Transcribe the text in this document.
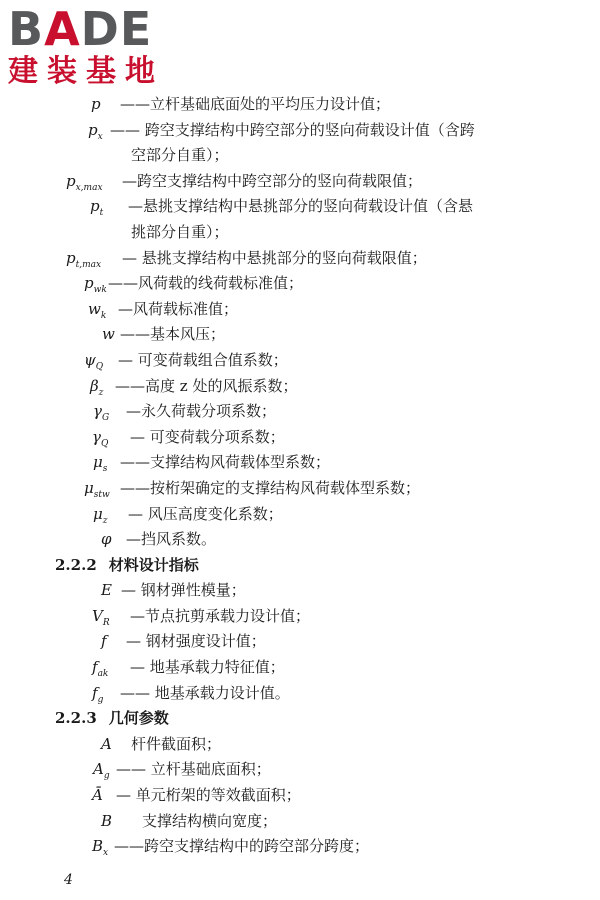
BADE
建装基地
p ——立杆基础底面处的平均压力设计值；
$p_x$ —— 跨空支撑结构中跨空部分的竖向荷载设计值（含跨
空部分自重）；
$p_{x,max}$ —跨空支撑结构中跨空部分的竖向荷载限值；
$p_t$ —悬挑支撑结构中悬挑部分的竖向荷载设计值（含悬
挑部分自重）；
$p_{t,max}$ — 悬挑支撑结构中悬挑部分的竖向荷载限值；
$p_{wk}$ ——风荷载的线荷载标准值；
$w_k$ —风荷载标准值；
w ——基本风压；
$\psi_Q$ — 可变荷载组合值系数；
$\beta_z$ ——高度 z 处的风振系数；
$\gamma_G$ —永久荷载分项系数；
$\gamma_Q$ — 可变荷载分项系数；
$\mu_s$ ——支撑结构风荷载体型系数；
$\mu_{stw}$ ——按桁架确定的支撑结构风荷载体型系数；
$\mu_z$ — 风压高度变化系数；
φ —挡风系数。
2.2.2 材料设计指标
E — 钢材弹性模量；
$V_R$ —节点抗剪承载力设计值；
f — 钢材强度设计值；
$f_{ak}$ — 地基承载力特征值；
$f_g$ —— 地基承载力设计值。
2.2.3 几何参数
A 杆件截面积；
$A_g$ —— 立杆基础底面积；
Ā — 单元桁架的等效截面积；
B 支撑结构横向宽度；
$B_x$ ——跨空支撑结构中的跨空部分跨度；
4
